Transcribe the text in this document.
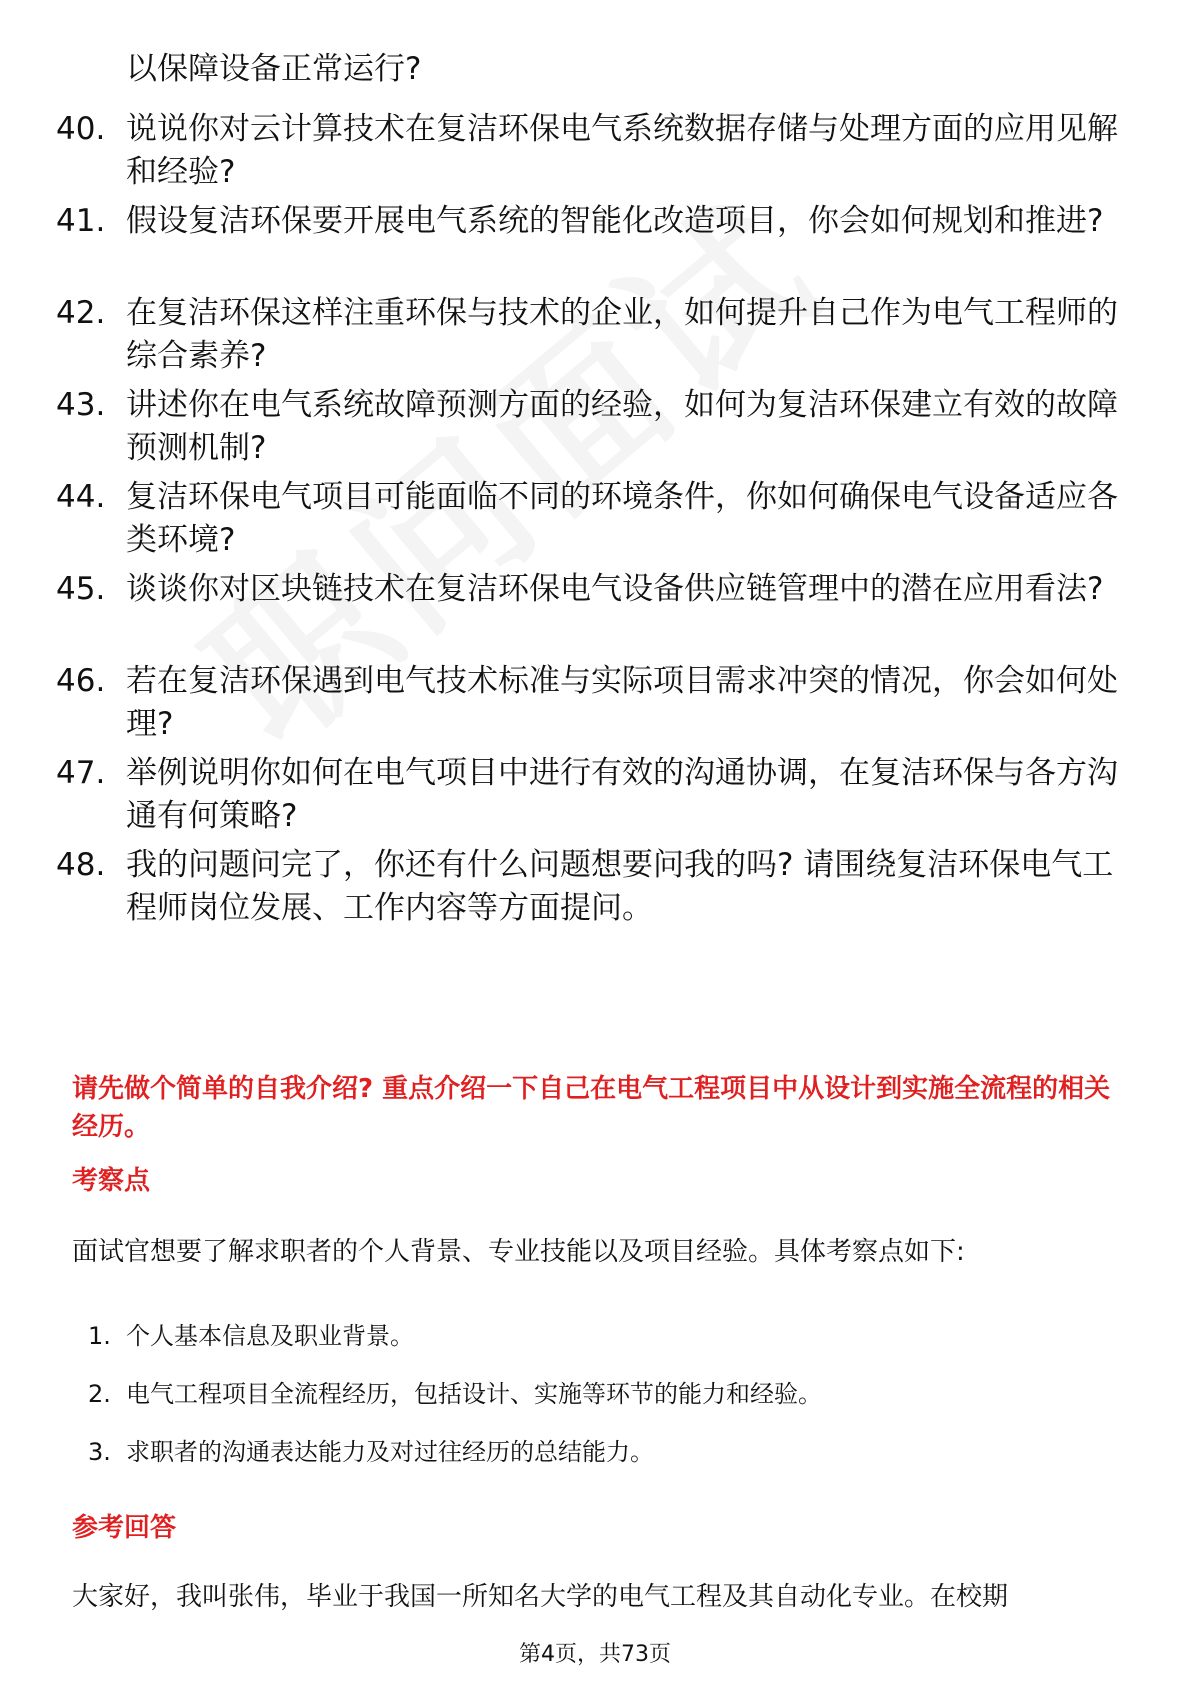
以保障设备正常运行?
40. 说说你对云计算技术在复洁环保电气系统数据存储与处理方面的应用见解和经验?
41. 假设复洁环保要开展电气系统的智能化改造项目，你会如何规划和推进?
42. 在复洁环保这样注重环保与技术的企业，如何提升自己作为电气工程师的综合素养?
43. 讲述你在电气系统故障预测方面的经验，如何为复洁环保建立有效的故障预测机制?
44. 复洁环保电气项目可能面临不同的环境条件，你如何确保电气设备适应各类环境?
45. 谈谈你对区块链技术在复洁环保电气设备供应链管理中的潜在应用看法?
46. 若在复洁环保遇到电气技术标准与实际项目需求冲突的情况，你会如何处理?
47. 举例说明你如何在电气项目中进行有效的沟通协调，在复洁环保与各方沟通有何策略?
48. 我的问题问完了，你还有什么问题想要问我的吗? 请围绕复洁环保电气工程师岗位发展、工作内容等方面提问。
请先做个简单的自我介绍? 重点介绍一下自己在电气工程项目中从设计到实施全流程的相关经历。
考察点
面试官想要了解求职者的个人背景、专业技能以及项目经验。具体考察点如下:
1. 个人基本信息及职业背景。
2. 电气工程项目全流程经历，包括设计、实施等环节的能力和经验。
3. 求职者的沟通表达能力及对过往经历的总结能力。
参考回答
大家好，我叫张伟，毕业于我国一所知名大学的电气工程及其自动化专业。在校期
第4页，共73页
